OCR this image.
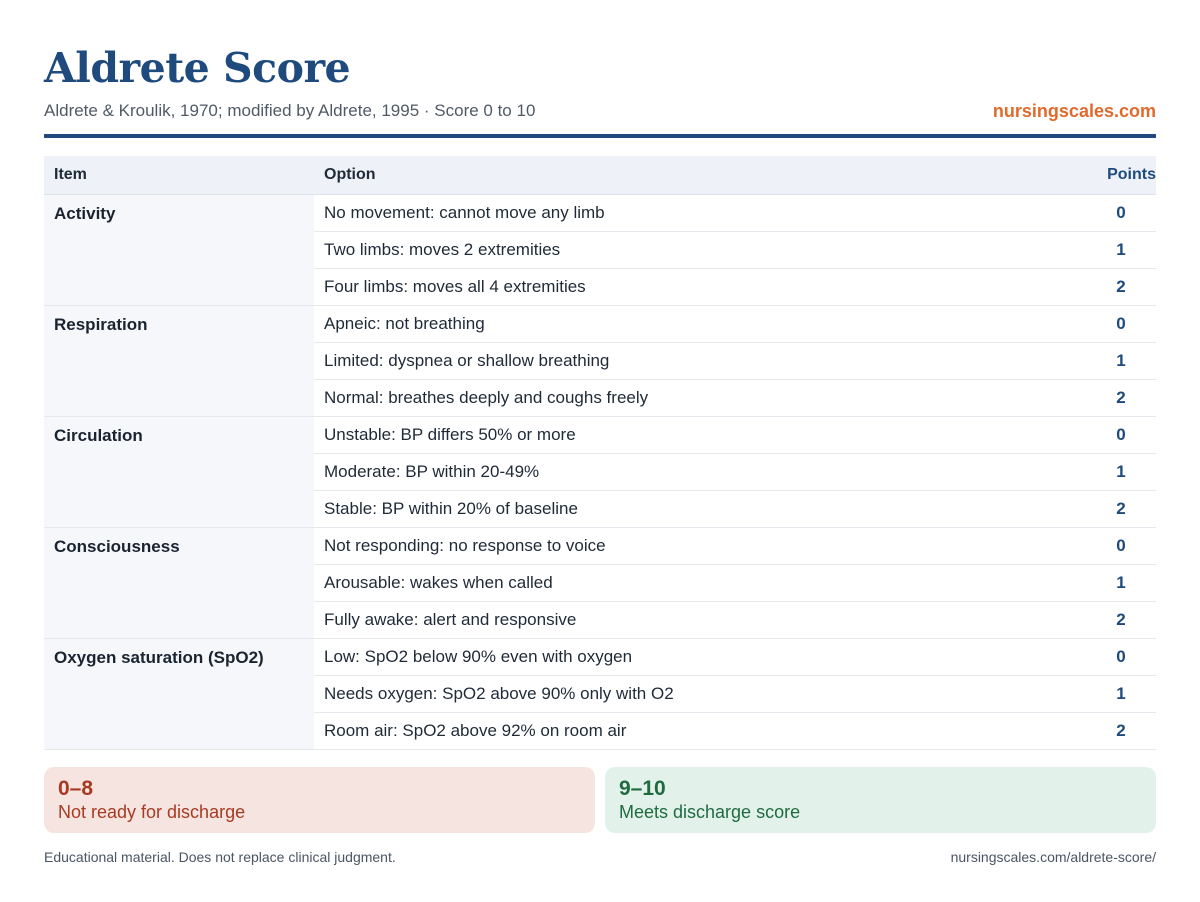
Aldrete Score
Aldrete & Kroulik, 1970; modified by Aldrete, 1995 · Score 0 to 10	nursingscales.com
Item	Option	Points
Activity	No movement: cannot move any limb	0
	Two limbs: moves 2 extremities	1
	Four limbs: moves all 4 extremities	2
Respiration	Apneic: not breathing	0
	Limited: dyspnea or shallow breathing	1
	Normal: breathes deeply and coughs freely	2
Circulation	Unstable: BP differs 50% or more	0
	Moderate: BP within 20-49%	1
	Stable: BP within 20% of baseline	2
Consciousness	Not responding: no response to voice	0
	Arousable: wakes when called	1
	Fully awake: alert and responsive	2
Oxygen saturation (SpO2)	Low: SpO2 below 90% even with oxygen	0
	Needs oxygen: SpO2 above 90% only with O2	1
	Room air: SpO2 above 92% on room air	2
0–8
Not ready for discharge
9–10
Meets discharge score
Educational material. Does not replace clinical judgment.	nursingscales.com/aldrete-score/
